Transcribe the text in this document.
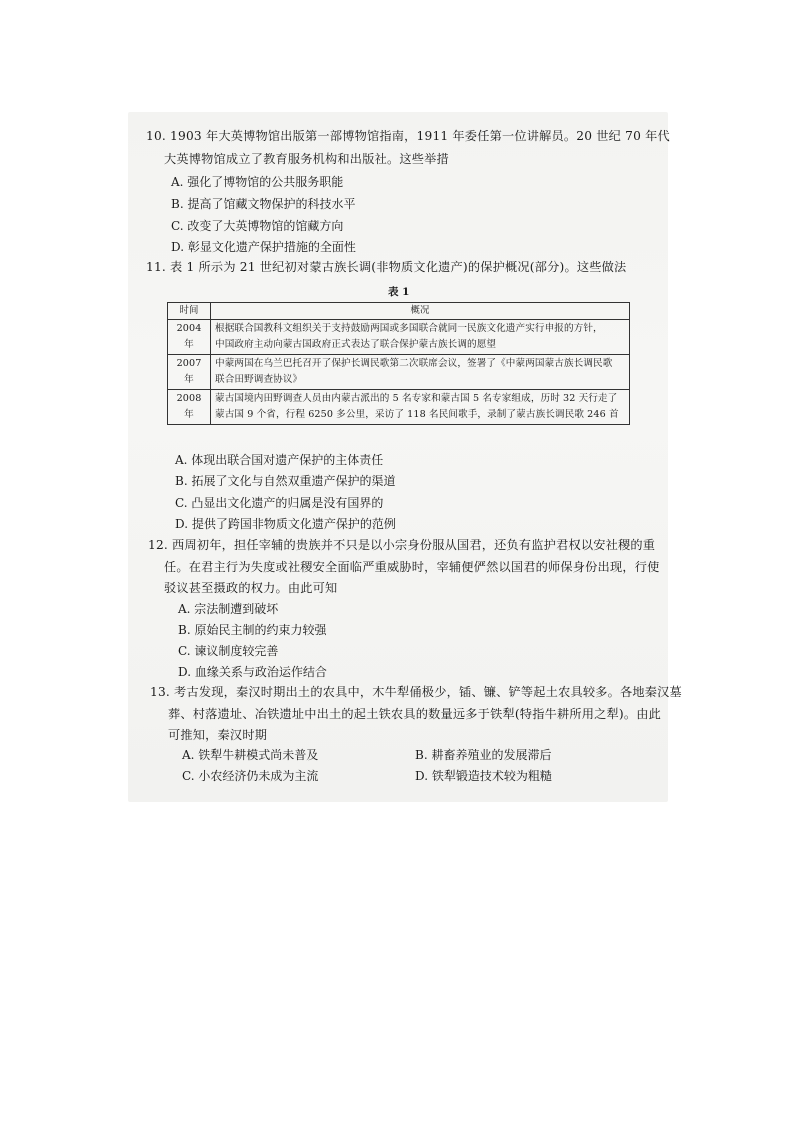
10. 1903 年大英博物馆出版第一部博物馆指南，1911 年委任第一位讲解员。20 世纪 70 年代
大英博物馆成立了教育服务机构和出版社。这些举措
A. 强化了博物馆的公共服务职能
B. 提高了馆藏文物保护的科技水平
C. 改变了大英博物馆的馆藏方向
D. 彰显文化遗产保护措施的全面性
11. 表 1 所示为 21 世纪初对蒙古族长调(非物质文化遗产)的保护概况(部分)。这些做法
表 1
时间	概况
2004 年	根据联合国教科文组织关于支持鼓励两国或多国联合就同一民族文化遗产实行申报的方针，
中国政府主动向蒙古国政府正式表达了联合保护蒙古族长调的愿望

2007 年	中蒙两国在乌兰巴托召开了保护长调民歌第二次联席会议，签署了《中蒙两国蒙古族长调民歌
联合田野调查协议》

2008 年	蒙古国境内田野调查人员由内蒙古派出的 5 名专家和蒙古国 5 名专家组成，历时 32 天行走了
蒙古国 9 个省，行程 6250 多公里，采访了 118 名民间歌手，录制了蒙古族长调民歌 246 首
A. 体现出联合国对遗产保护的主体责任
B. 拓展了文化与自然双重遗产保护的渠道
C. 凸显出文化遗产的归属是没有国界的
D. 提供了跨国非物质文化遗产保护的范例
12. 西周初年，担任宰辅的贵族并不只是以小宗身份服从国君，还负有监护君权以安社稷的重
任。在君主行为失度或社稷安全面临严重威胁时，宰辅便俨然以国君的师保身份出现，行使
驳议甚至摄政的权力。由此可知
A. 宗法制遭到破坏
B. 原始民主制的约束力较强
C. 谏议制度较完善
D. 血缘关系与政治运作结合
13. 考古发现，秦汉时期出土的农具中，木牛犁俑极少，锸、镰、铲等起土农具较多。各地秦汉墓
葬、村落遗址、冶铁遗址中出土的起土铁农具的数量远多于铁犁(特指牛耕所用之犁)。由此
可推知，秦汉时期
A. 铁犁牛耕模式尚未普及	B. 耕畜养殖业的发展滞后
C. 小农经济仍未成为主流	D. 铁犁锻造技术较为粗糙
